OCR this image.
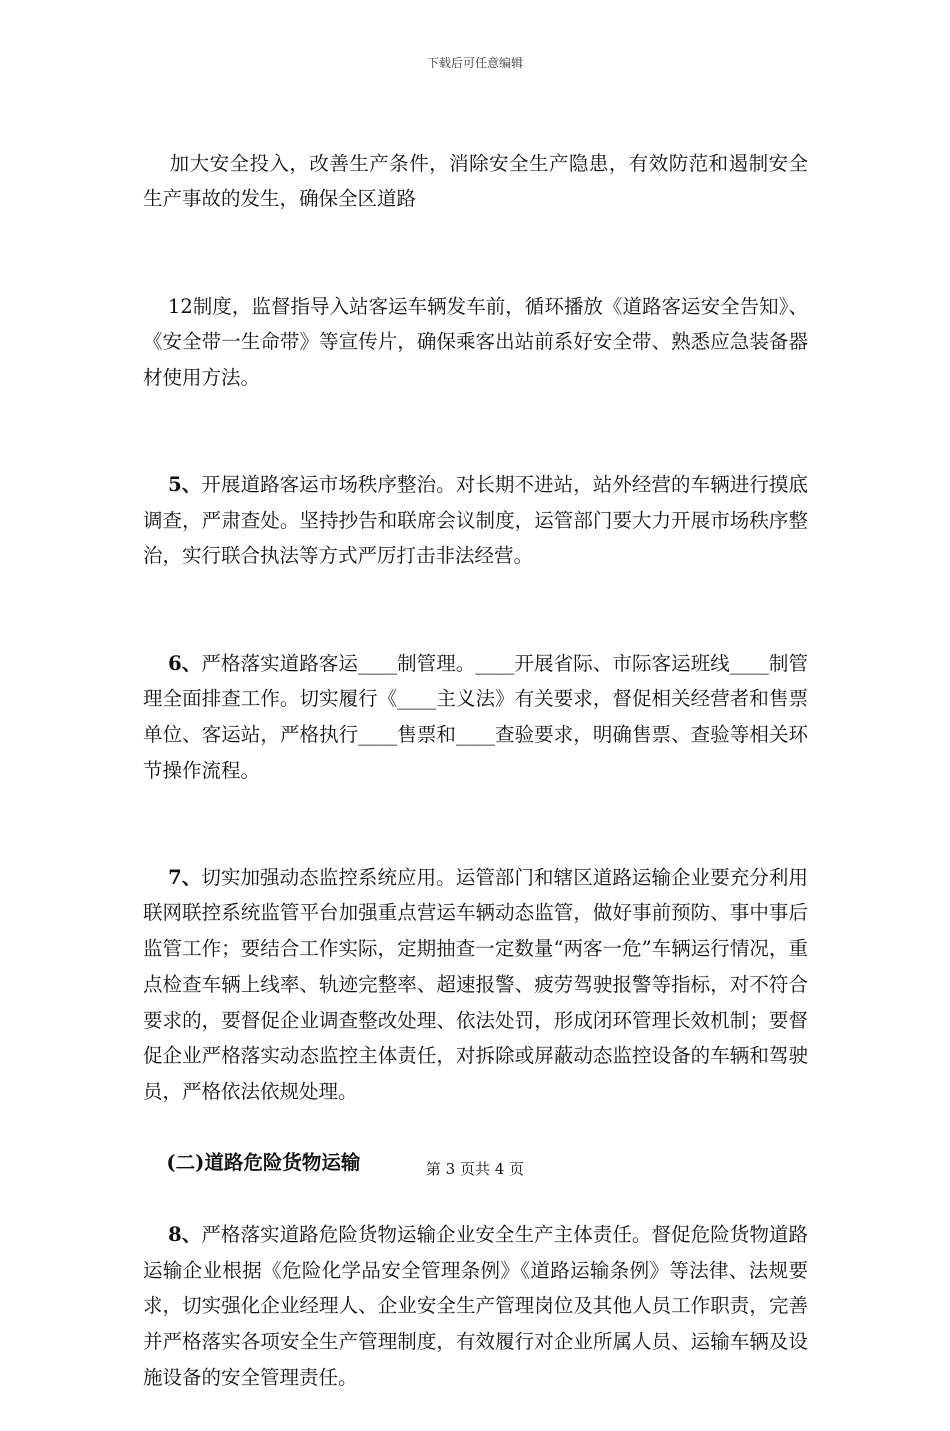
下载后可任意编辑

加大安全投入，改善生产条件，消除安全生产隐患，有效防范和遏制安全生产事故的发生，确保全区道路

12制度，监督指导入站客运车辆发车前，循环播放《道路客运安全告知》、《安全带一生命带》等宣传片，确保乘客出站前系好安全带、熟悉应急装备器材使用方法。

5、开展道路客运市场秩序整治。对长期不进站，站外经营的车辆进行摸底调查，严肃查处。坚持抄告和联席会议制度，运管部门要大力开展市场秩序整治，实行联合执法等方式严厉打击非法经营。

6、严格落实道路客运____制管理。____开展省际、市际客运班线____制管理全面排查工作。切实履行《____主义法》有关要求，督促相关经营者和售票单位、客运站，严格执行____售票和____查验要求，明确售票、查验等相关环节操作流程。

7、切实加强动态监控系统应用。运管部门和辖区道路运输企业要充分利用联网联控系统监管平台加强重点营运车辆动态监管，做好事前预防、事中事后监管工作；要结合工作实际，定期抽查一定数量“两客一危”车辆运行情况，重点检查车辆上线率、轨迹完整率、超速报警、疲劳驾驶报警等指标，对不符合要求的，要督促企业调查整改处理、依法处罚，形成闭环管理长效机制；要督促企业严格落实动态监控主体责任，对拆除或屏蔽动态监控设备的车辆和驾驶员，严格依法依规处理。

(二)道路危险货物运输

8、严格落实道路危险货物运输企业安全生产主体责任。督促危险货物道路运输企业根据《危险化学品安全管理条例》《道路运输条例》等法律、法规要求，切实强化企业经理人、企业安全生产管理岗位及其他人员工作职责，完善并严格落实各项安全生产管理制度，有效履行对企业所属人员、运输车辆及设施设备的安全管理责任。

第 3 页共 4 页
